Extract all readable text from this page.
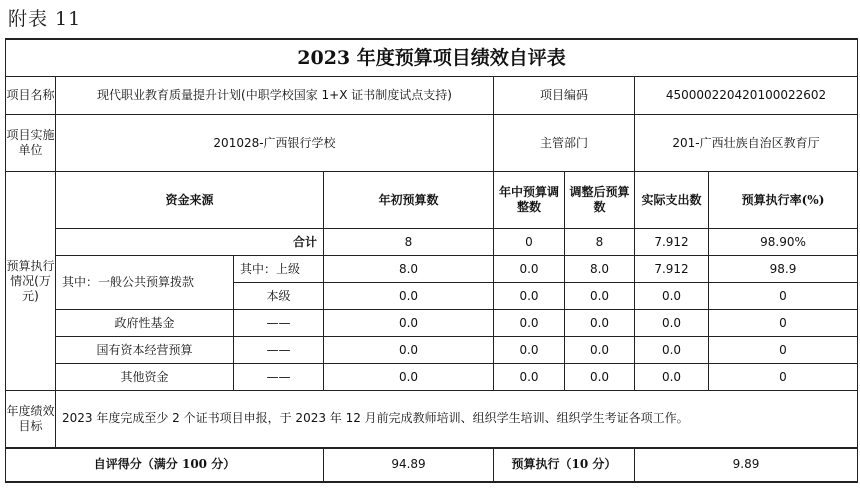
附表 11
2023 年度预算项目绩效自评表							
项目名称	现代职业教育质量提升计划(中职学校国家 1+X 证书制度试点支持)			项目编码		450000220420100022602	
项目实施单位	201028-广西银行学校			主管部门		201-广西壮族自治区教育厅	
预算执行情况(万元)	资金来源		年初预算数	年中预算调整数	调整后预算数	实际支出数	预算执行率(%)
	合计		8	0	8	7.912	98.90%
	其中：一般公共预算拨款	其中：上级	8.0	0.0	8.0	7.912	98.9
		本级	0.0	0.0	0.0	0.0	0
	政府性基金	——	0.0	0.0	0.0	0.0	0
	国有资本经营预算	——	0.0	0.0	0.0	0.0	0
	其他资金	——	0.0	0.0	0.0	0.0	0
年度绩效目标	2023 年度完成至少 2 个证书项目申报，于 2023 年 12 月前完成教师培训、组织学生培训、组织学生考证各项工作。						
自评得分（满分 100 分）			94.89	预算执行（10 分）		9.89	
